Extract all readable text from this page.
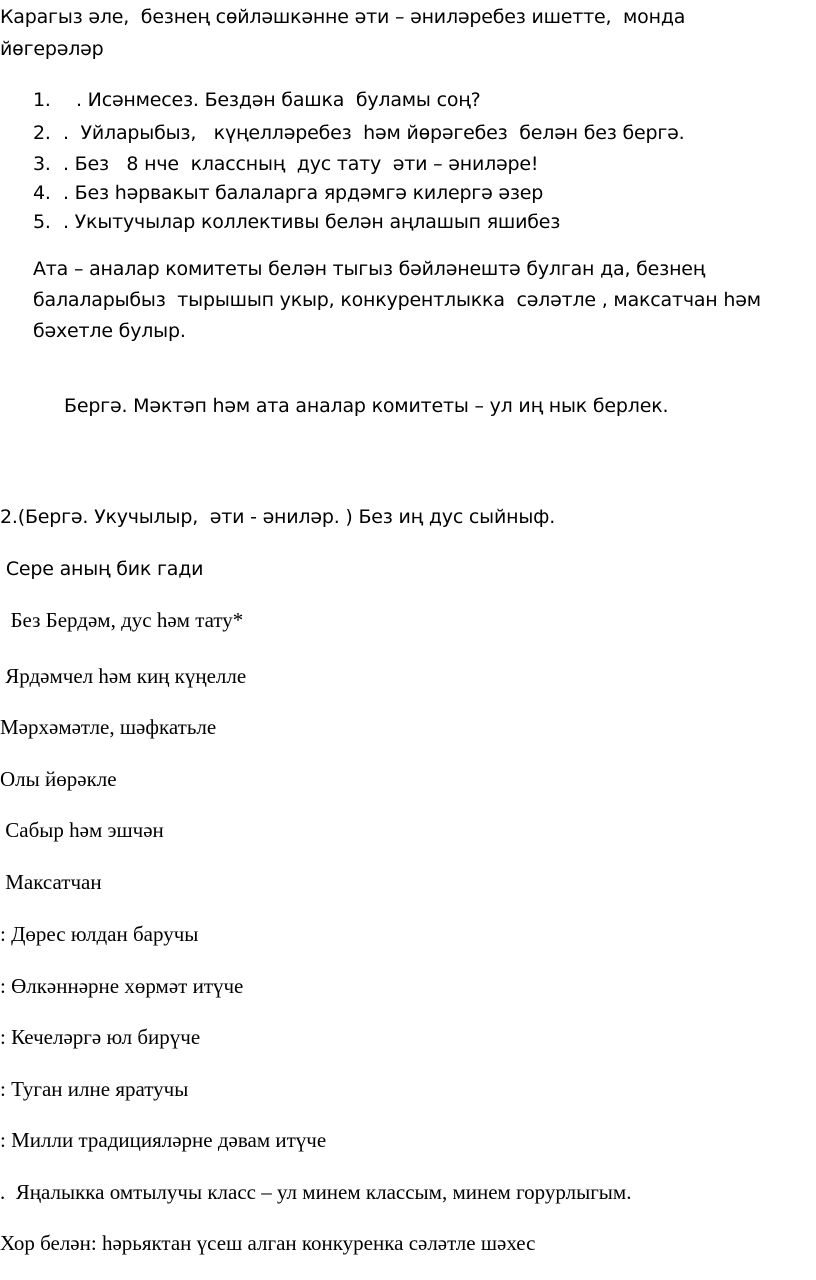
Карагыз әле,  безнең сөйләшкәнне әти – әниләребез ишетте,  монда
йөгерәләр
1. . Исәнмесез. Бездән башка  буламы соң?
2. .  Уйларыбыз,   күңелләребез  һәм йөрәгебез  белән без бергә.
3. . Без   8 нче  классның  дус тату  әти – әниләре!
4. . Без һәрвакыт балаларга ярдәмгә килергә әзер
5. . Укытучылар коллективы белән аңлашып яшибез
Ата – аналар комитеты белән тыгыз бәйләнештә булган да, безнең
балаларыбыз  тырышып укыр, конкурентлыкка  сәләтле , максатчан һәм
бәхетле булыр.
Бергә. Мәктәп һәм ата аналар комитеты – ул иң нык берлек.
2.(Бергә. Укучылыр,  әти - әниләр. ) Без иң дус сыйныф.
Сере аның бик гади
Без Бердәм, дус һәм тату*
Ярдәмчел һәм киң күңелле
Мәрхәмәтле, шәфкатьле
Олы йөрәкле
Сабыр һәм эшчән
Максатчан
: Дөрес юлдан баручы
: Өлкәннәрне хөрмәт итүче
: Кечеләргә юл бирүче
: Туган илне яратучы
: Милли традицияләрне дәвам итүче
.  Яңалыкка омтылучы класс – ул минем классым, минем горурлыгым.
Хор белән: һәрьяктан үсеш алган конкуренка сәләтле шәхес
